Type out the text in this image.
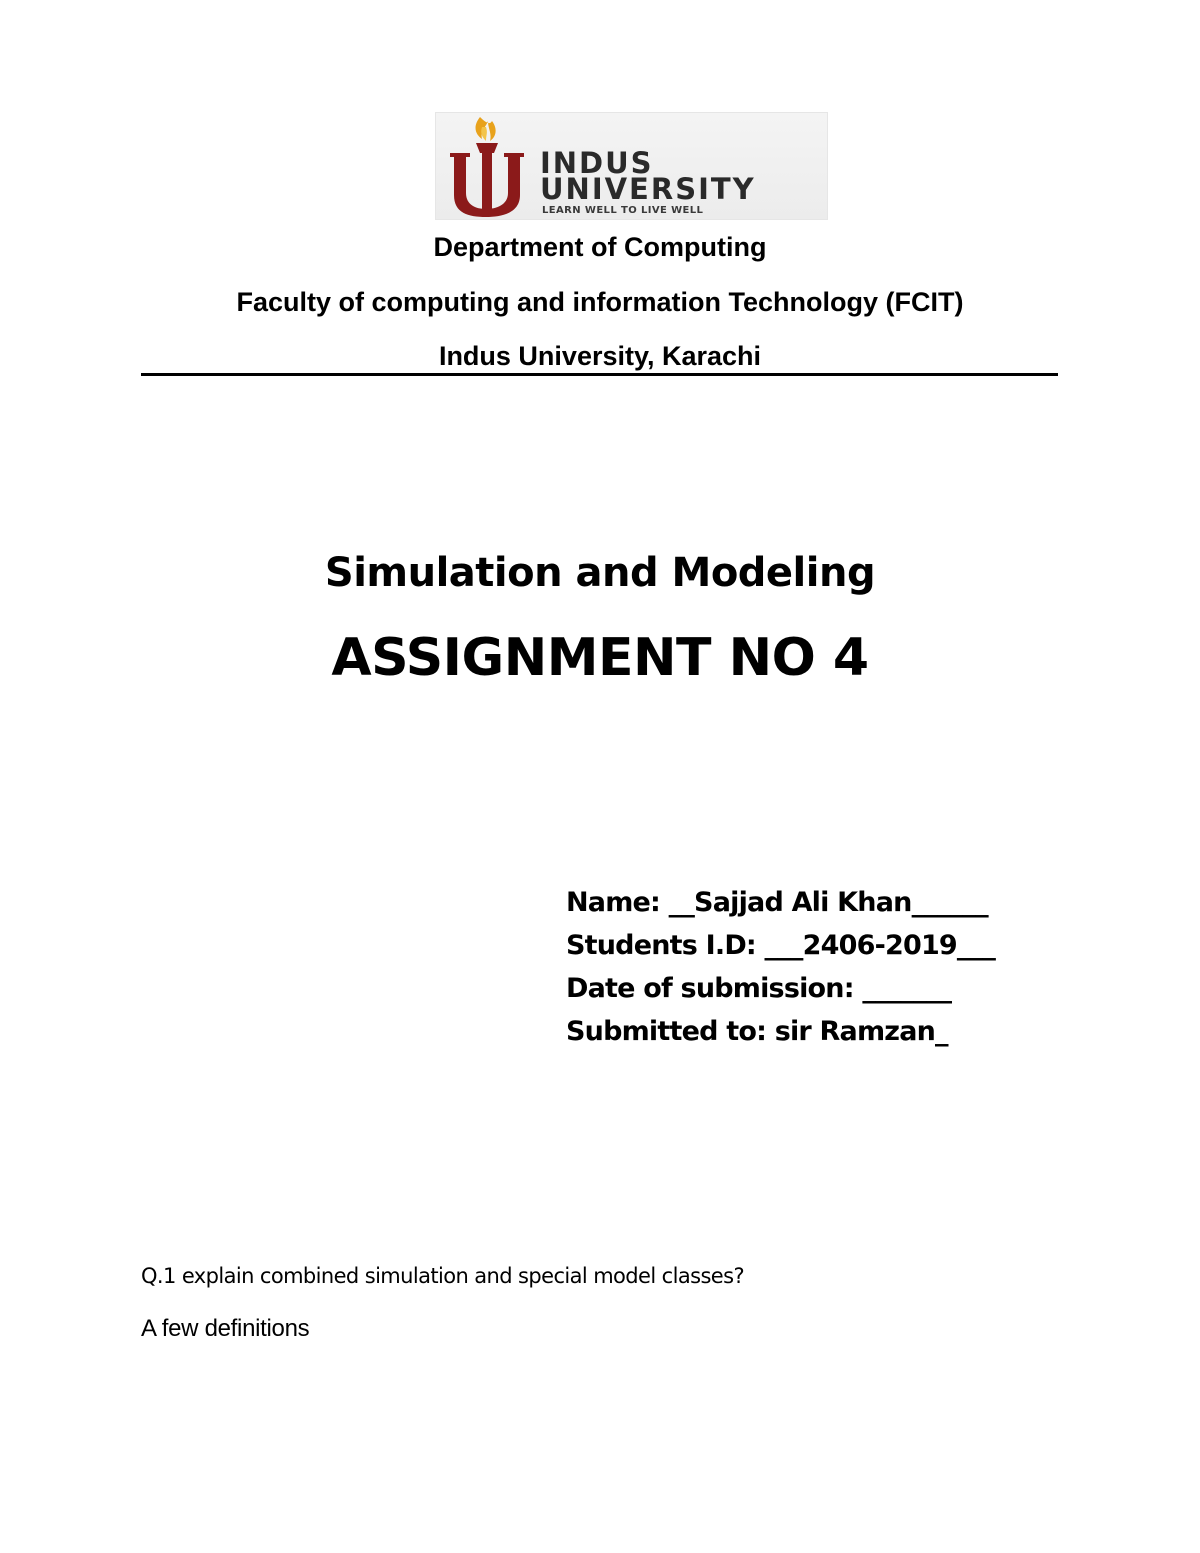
INDUS
UNIVERSITY
LEARN WELL TO LIVE WELL
Department of Computing
Faculty of computing and information Technology (FCIT)
Indus University, Karachi
Simulation and Modeling
ASSIGNMENT NO 4
Name: __Sajjad Ali Khan______
Students I.D: ___2406-2019___
Date of submission: _______
Submitted to: sir Ramzan_
Q.1 explain combined simulation and special model classes?
A few definitions
